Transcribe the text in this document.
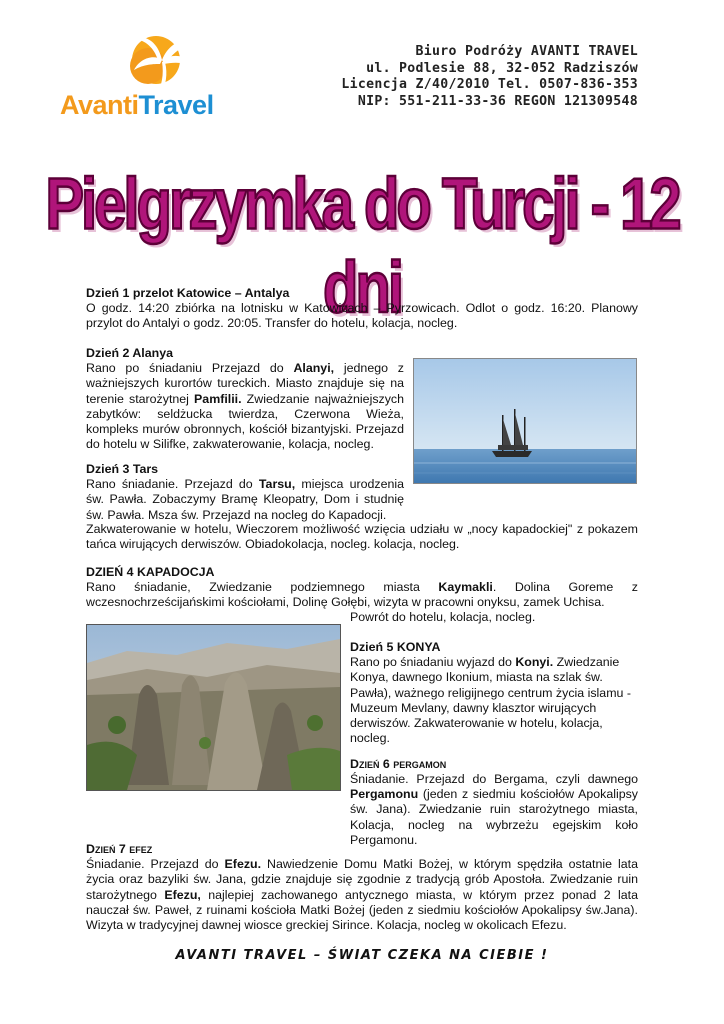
AvantiTravel
Biuro Podróży AVANTI TRAVEL
ul. Podlesie 88, 32-052 Radziszów
Licencja Z/40/2010 Tel. 0507-836-353
NIP: 551-211-33-36 REGON 121309548
Pielgrzymka do Turcji - 12 dni
Dzień 1 przelot Katowice – Antalya
O godz. 14:20 zbiórka na lotnisku w Katowicach – Pyrzowicach. Odlot o godz. 16:20. Planowy przylot do Antalyi o godz. 20:05. Transfer do hotelu, kolacja, nocleg.
Dzień 2 Alanya
Rano po śniadaniu Przejazd do Alanyi, jednego z ważniejszych kurortów tureckich. Miasto znajduje się na terenie starożytnej Pamfilii. Zwiedzanie najważniejszych zabytków: seldżucka twierdza, Czerwona Wieża, kompleks murów obronnych, kościół bizantyjski. Przejazd do hotelu w Silifke, zakwaterowanie, kolacja, nocleg.
Dzień 3 Tars
Rano śniadanie. Przejazd do Tarsu, miejsca urodzenia św. Pawła. Zobaczymy Bramę Kleopatry, Dom i studnię św. Pawła. Msza św. Przejazd na nocleg do Kapadocji.
Zakwaterowanie w hotelu, Wieczorem możliwość wzięcia udziału w „nocy kapadockiej" z pokazem tańca wirujących derwiszów. Obiadokolacja, nocleg. kolacja, nocleg.
DZIEŃ 4 KAPADOCJA
Rano śniadanie, Zwiedzanie podziemnego miasta Kaymakli. Dolina Goreme z wczesnochrześcijańskimi kościołami, Dolinę Gołębi, wizyta w pracowni onyksu, zamek Uchisa.
Powrót do hotelu, kolacja, nocleg.
Dzień 5 KONYA
Rano po śniadaniu wyjazd do Konyi. Zwiedzanie Konya, dawnego Ikonium, miasta na szlak św. Pawła), ważnego religijnego centrum życia islamu - Muzeum Mevlany, dawny klasztor wirujących derwiszów. Zakwaterowanie w hotelu, kolacja, nocleg.
Dzień 6 pergamon
Śniadanie. Przejazd do Bergama, czyli dawnego Pergamonu (jeden z siedmiu kościołów Apokalipsy św. Jana). Zwiedzanie ruin starożytnego miasta, Kolacja, nocleg na wybrzeżu egejskim koło Pergamonu.
Dzień 7 efez
Śniadanie. Przejazd do Efezu. Nawiedzenie Domu Matki Bożej, w którym spędziła ostatnie lata życia oraz bazyliki św. Jana, gdzie znajduje się zgodnie z tradycją grób Apostoła. Zwiedzanie ruin starożytnego Efezu, najlepiej zachowanego antycznego miasta, w którym przez ponad 2 lata nauczał św. Paweł, z ruinami kościoła Matki Bożej (jeden z siedmiu kościołów Apokalipsy św.Jana). Wizyta w tradycyjnej dawnej wiosce greckiej Sirince. Kolacja, nocleg w okolicach Efezu.
AVANTI TRAVEL – ŚWIAT CZEKA NA CIEBIE !
